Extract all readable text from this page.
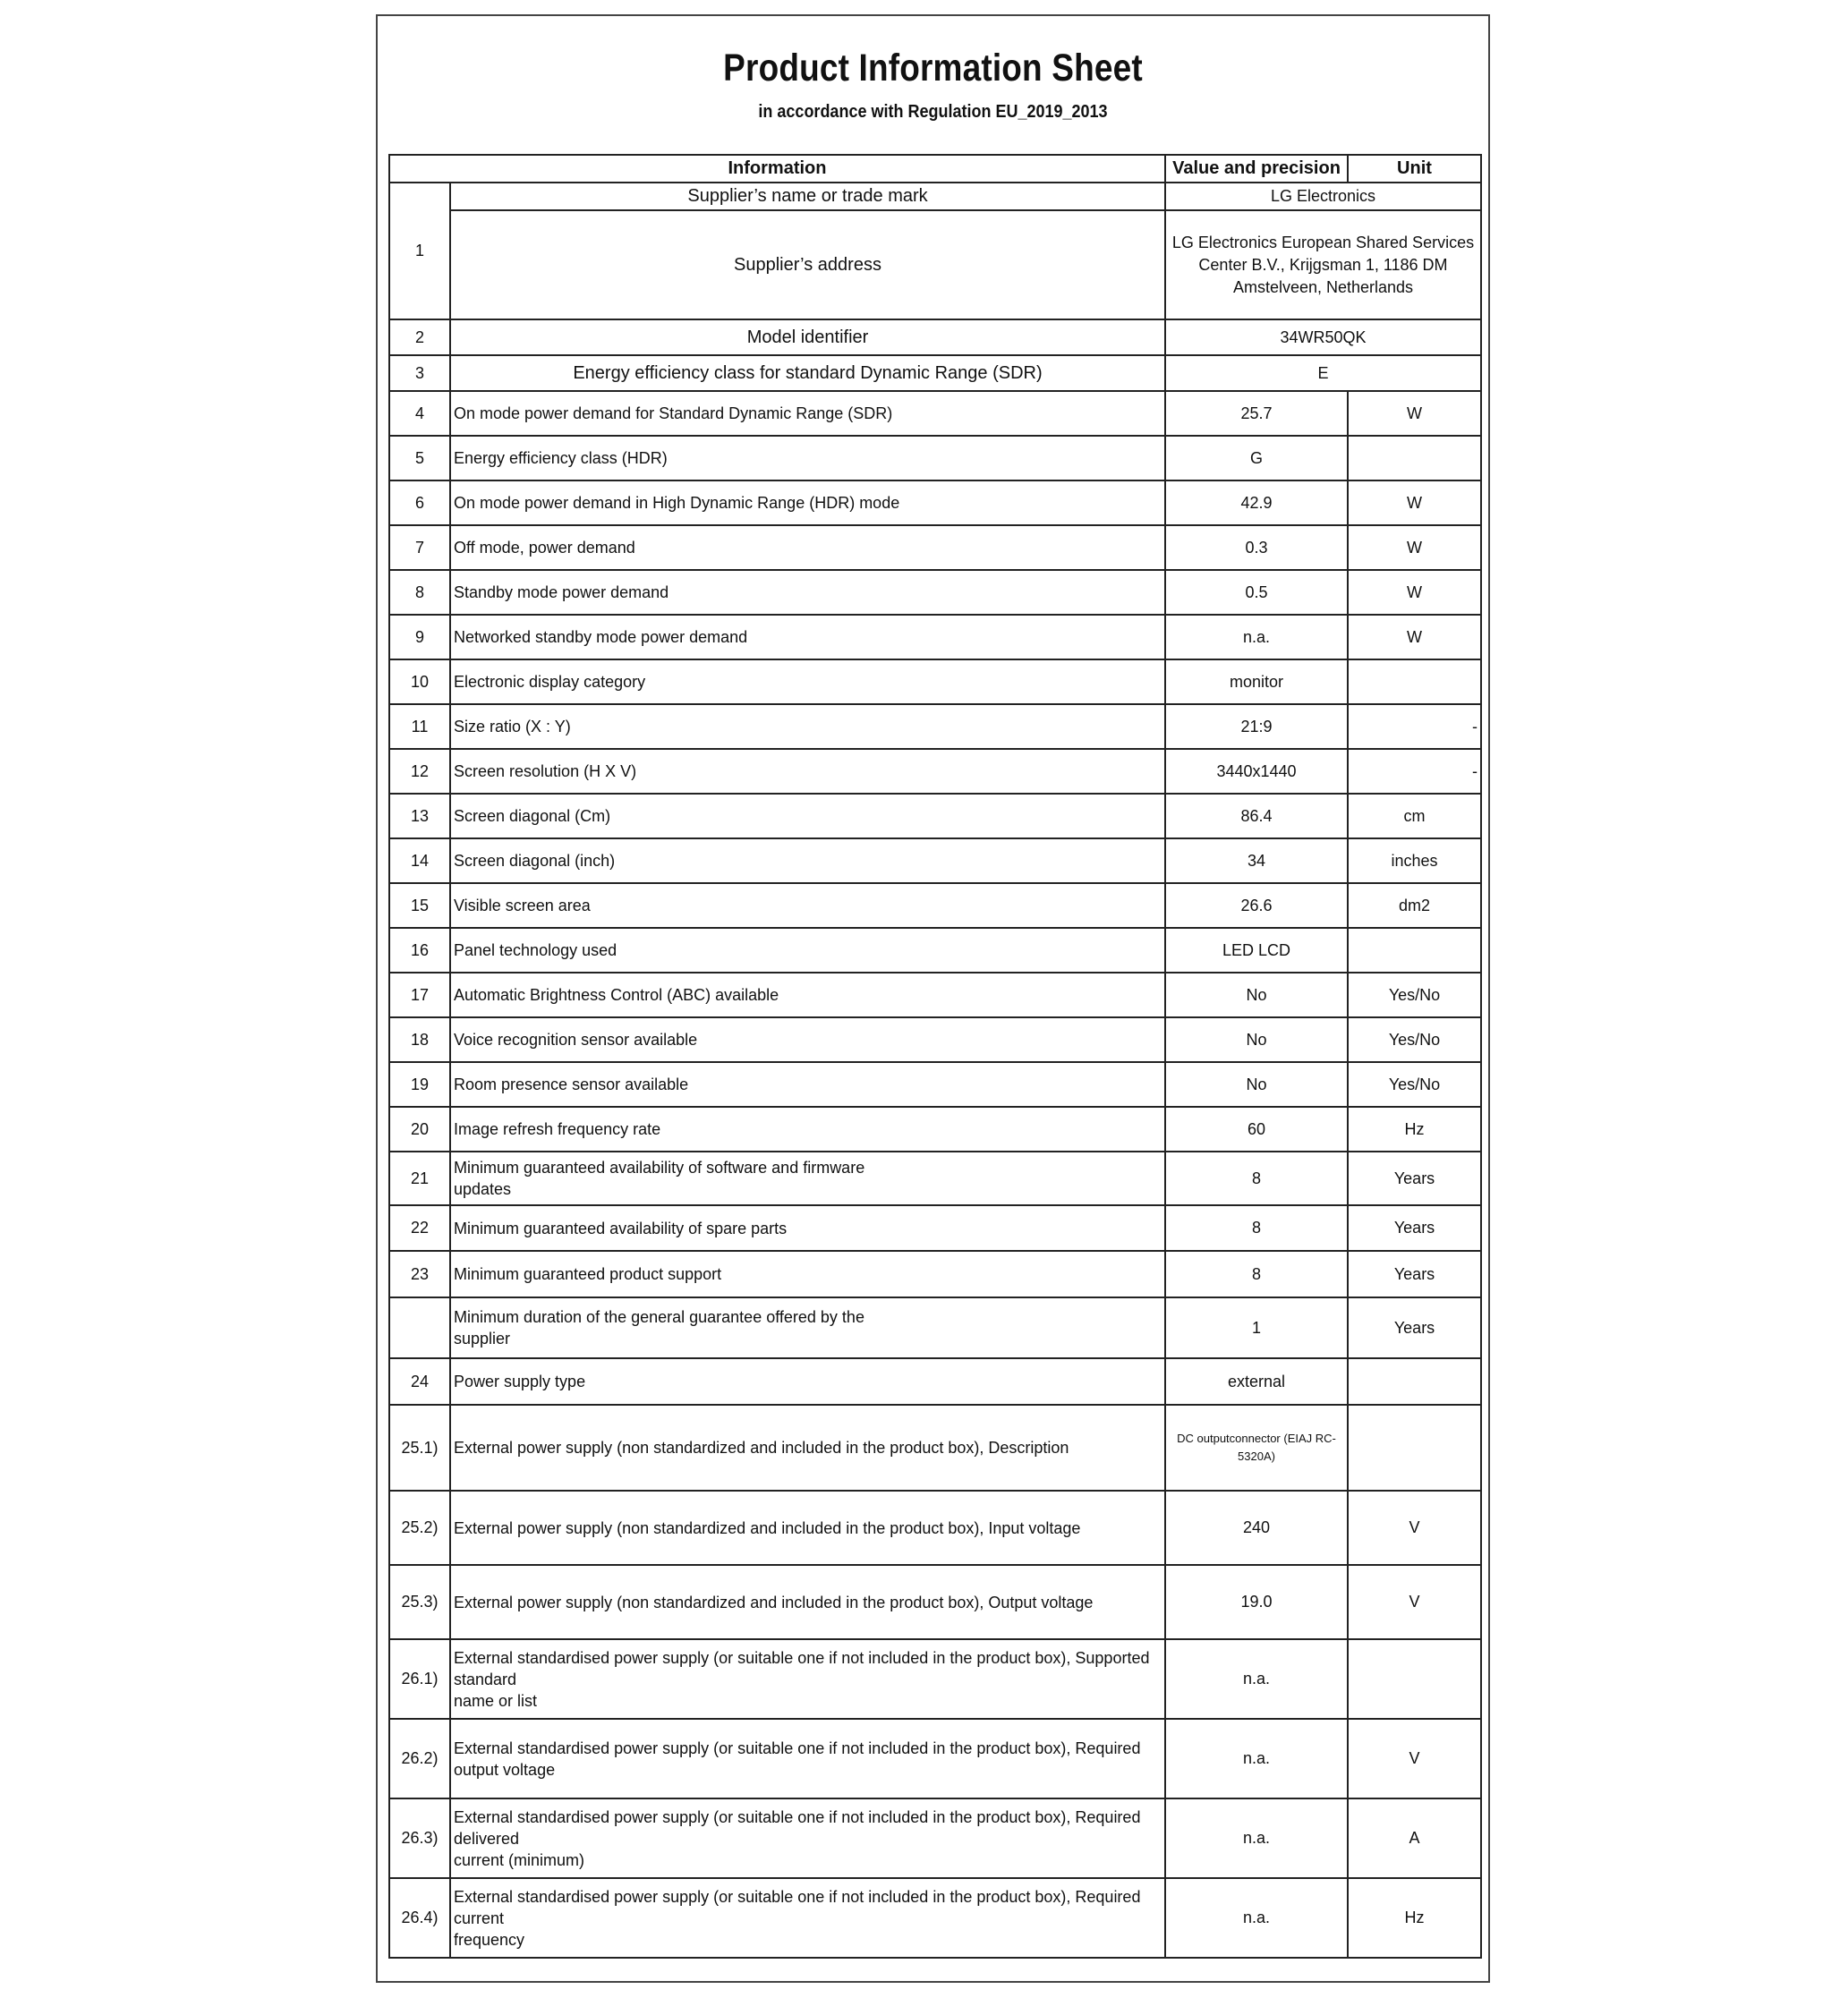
Product Information Sheet
in accordance with Regulation EU_2019_2013
Information		Value and precision	Unit
1	Supplier’s name or trade mark	LG Electronics	
	Supplier’s address	LG Electronics European Shared Services
Center B.V., Krijgsman 1, 1186 DM
Amstelveen, Netherlands	

2	Model identifier	34WR50QK	
3	Energy efficiency class for standard Dynamic Range (SDR)	E	
4	On mode power demand for Standard Dynamic Range (SDR)	25.7	W
5	Energy efficiency class (HDR)	G	
6	On mode power demand in High Dynamic Range (HDR) mode	42.9	W
7	Off mode, power demand	0.3	W
8	Standby mode power demand	0.5	W
9	Networked standby mode power demand	n.a.	W
10	Electronic display category	monitor	
11	Size ratio (X : Y)	21:9	-
12	Screen resolution (H X V)	3440x1440	-
13	Screen diagonal (Cm)	86.4	cm
14	Screen diagonal (inch)	34	inches
15	Visible screen area	26.6	dm2
16	Panel technology used	LED LCD	
17	Automatic Brightness Control (ABC) available	No	Yes/No
18	Voice recognition sensor available	No	Yes/No
19	Room presence sensor available	No	Yes/No
20	Image refresh frequency rate	60	Hz
21	Minimum guaranteed availability of software and firmware
updates	8	Years
22	Minimum guaranteed availability of spare parts	8	Years
23	Minimum guaranteed product support	8	Years

	Minimum duration of the general guarantee offered by the
supplier	1	Years
24	Power supply type	external	
25.1)	External power supply (non standardized and included in the product box), Description	DC outputconnector (EIAJ RC-
5320A)	

25.2)	External power supply (non standardized and included in the product box), Input voltage	240	V
25.3)	External power supply (non standardized and included in the product box), Output voltage	19.0	V
26.1)	External standardised power supply (or suitable one if not included in the product box), Supported standard
name or list	n.a.	
26.2)	External standardised power supply (or suitable one if not included in the product box), Required output voltage	n.a.	V
26.3)	External standardised power supply (or suitable one if not included in the product box), Required delivered
current (minimum)	n.a.	A
26.4)	External standardised power supply (or suitable one if not included in the product box), Required current
frequency	n.a.	Hz
